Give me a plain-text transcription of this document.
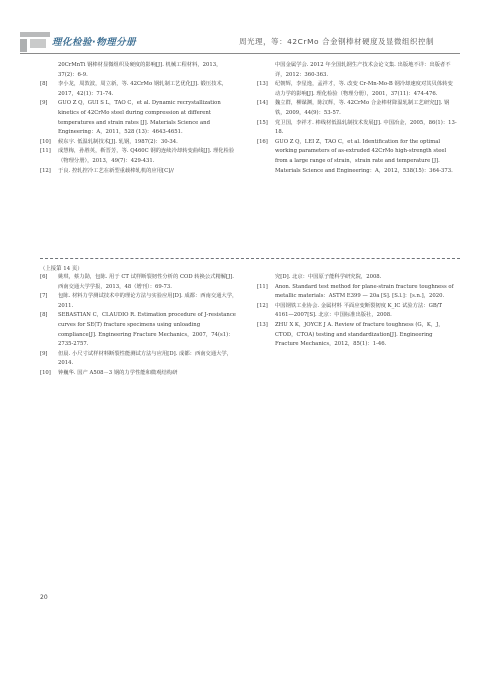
理化检验·物理分册	周光理，等：42CrMo 合金钢棒材硬度及显微组织控制
20CrMnTi 钢棒材显微组织及硬度的影响[J]. 机械工程材料，2013，37(2)：6-9.
[8] 李小龙，周敦波，周立新，等. 42CrMo 钢轧制工艺优化[J]. 锻压技术，2017，42(1)：71-74.
[9] GUO Z Q，GUI S L，TAO C，et al. Dynamic recrystallization kinetics of 42CrMo steel during compression at different temperatures and strain rates [J]. Materials Science and Engineering：A，2011，528 (13)：4643-4651.
[10] 候东宇. 低温轧制技术[J]. 轧钢，1987(2)：30-34.
[11] 成慧梅，孙胜英，靳晋芳，等. Q460C 钢的连续冷却转变曲线[J]. 理化检验（物理分册），2013，49(7)：429-431.
[12] 于良. 控轧控冷工艺在新型重载棒轧机的应用[C]//
中国金属学会. 2012 年全国轧钢生产技术会论文集. 出版地不详：出版者不详，2012：360-363.
[13] 纪朝辉，李星逸，孟祥才，等. 改变 Cr-Mn-Mo-B 钢冷却速度对其贝体转变动力学的影响[J]. 理化检验（物理分册），2001，37(11)：474-476.
[14] 魏立群，柳谋渊，陈汉辉，等. 42CrMo 合金棒材降温轧制工艺研究[J]. 钢铁，2009，44(9)：53-57.
[15] 党卫国，李祥才. 棒线材低温轧制技术发展[J]. 中国冶金，2005，86(1)：13-18.
[16] GUO Z Q，LEI Z，TAO C，et al. Identification for the optimal working parameters of as-extruded 42CrMo high-strength steel from a large range of strain，strain rate and temperature [J]. Materials Science and Engineering：A，2012，538(15)：364-373.
（上接第 14 页）
[6] 姚琪，蔡力勋，包陈. 用于 CT 试样断裂韧性分析的 COD 转换公式精解[J]. 西南交通大学学报，2013，48（增刊）：69-73.
[7] 包陈. 材料力学测试技术中的理论方法与实验应用[D]. 成都：西南交通大学，2011.
[8] SEBASTIAN C，CLAUDIO R. Estimation procedure of J-resistance curves for SE(T) fracture specimens using unloading compliance[J]. Engineering Fracture Mechanics，2007，74(s1)：2735-2757.
[9] 但晨. 小尺寸试样材料断裂性能测试方法与应用[D]. 成都：西南交通大学，2014.
[10] 钟巍华. 国产 A508－3 钢的力学性能和微观结构研
究[D]. 北京：中国原子能科学研究院，2008.
[11] Anon. Standard test method for plane-strain fracture toughness of metallic materials：ASTM E399 — 20a [S]. [S.l.]：[s.n.]，2020.
[12] 中国钢铁工业协会. 金属材料 平面应变断裂韧度 K_IC 试验方法：GB/T 4161—2007[S]. 北京：中国标准出版社，2008.
[13] ZHU X K，JOYCE J A. Review of fracture toughness (G，K，J，CTOD，CTOA) testing and standardization[J]. Engineering Fracture Mechanics，2012，85(1)：1-46.
20
